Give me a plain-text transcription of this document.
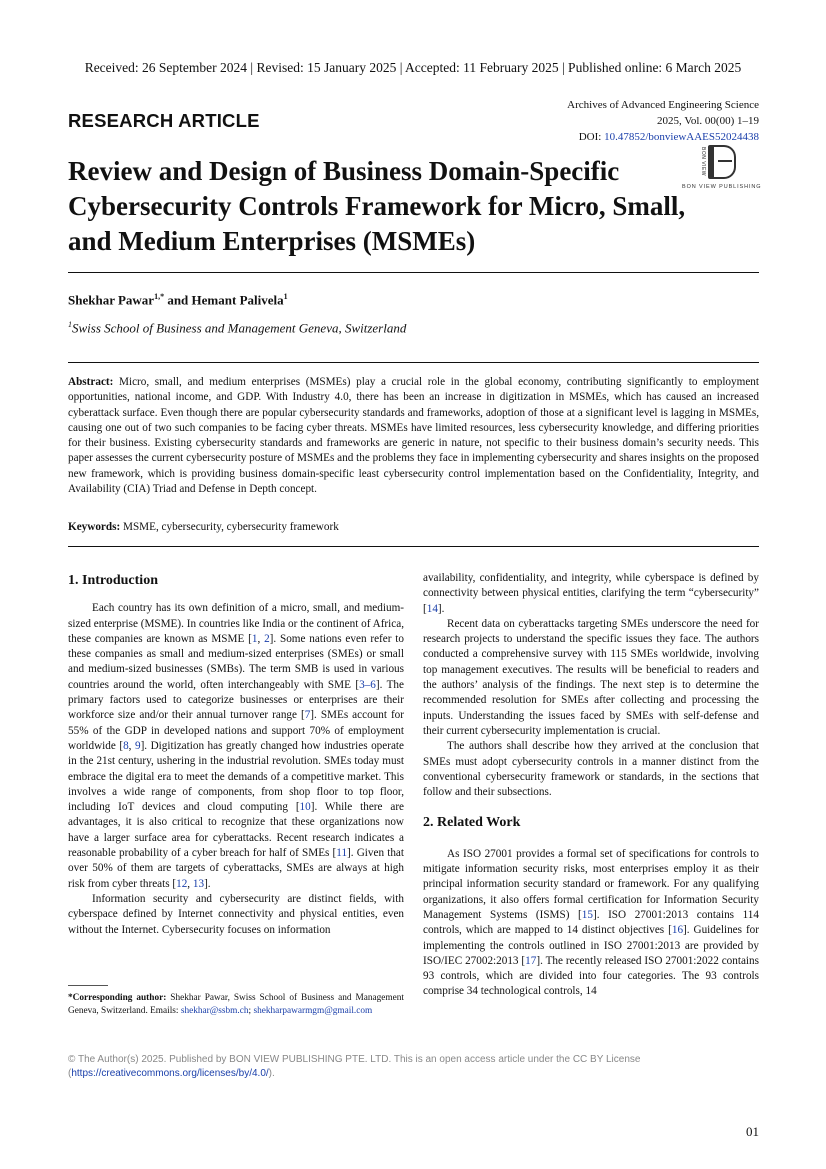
Received: 26 September 2024 | Revised: 15 January 2025 | Accepted: 11 February 2025 | Published online: 6 March 2025
Archives of Advanced Engineering Science
2025, Vol. 00(00) 1–19
DOI: 10.47852/bonviewAAES52024438
RESEARCH ARTICLE
BON VIEW
BON VIEW PUBLISHING
Review and Design of Business Domain-Specific Cybersecurity Controls Framework for Micro, Small, and Medium Enterprises (MSMEs)
Shekhar Pawar$^{1,*}$ and Hemant Palivela$^1$
$^1$Swiss School of Business and Management Geneva, Switzerland

Abstract: Micro, small, and medium enterprises (MSMEs) play a crucial role in the global economy, contributing significantly to employment opportunities, national income, and GDP. With Industry 4.0, there has been an increase in digitization in MSMEs, which has caused an increased cyberattack surface. Even though there are popular cybersecurity standards and frameworks, adoption of those at a significant level is lagging in MSMEs, causing one out of two such companies to be facing cyber threats. MSMEs have limited resources, less cybersecurity knowledge, and differing priorities for their business. Existing cybersecurity standards and frameworks are generic in nature, not specific to their business domain’s security needs. This paper assesses the current cybersecurity posture of MSMEs and the problems they face in implementing cybersecurity and shares insights on the proposed new framework, which is providing business domain-specific least cybersecurity control implementation based on the Confidentiality, Integrity, and Availability (CIA) Triad and Defense in Depth concept.

Keywords: MSME, cybersecurity, cybersecurity framework

1. Introduction

Each country has its own definition of a micro, small, and medium-sized enterprise (MSME). In countries like India or the continent of Africa, these companies are known as MSME [1, 2]. Some nations even refer to these companies as small and medium-sized enterprises (SMEs) or small and medium-sized businesses (SMBs). The term SMB is used in various countries around the world, often interchangeably with SME [3–6]. The primary factors used to categorize businesses or enterprises are their workforce size and/or their annual turnover range [7]. SMEs account for 55% of the GDP in developed nations and support 70% of employment worldwide [8, 9]. Digitization has greatly changed how industries operate in the 21st century, ushering in the industrial revolution. SMEs today must embrace the digital era to meet the demands of a competitive market. This involves a wide range of components, from shop floor to top floor, including IoT devices and cloud computing [10]. While there are advantages, it is also critical to recognize that these organizations now have a larger surface area for cyberattacks. Recent research indicates a reasonable probability of a cyber breach for half of SMEs [11]. Given that over 50% of them are targets of cyberattacks, SMEs are always at high risk from cyber threats [12, 13].

Information security and cybersecurity are distinct fields, with cyberspace defined by Internet connectivity and physical entities, even without the Internet. Cybersecurity focuses on information

*Corresponding author: Shekhar Pawar, Swiss School of Business and Management Geneva, Switzerland. Emails: shekhar@ssbm.ch; shekharpawarmgm@gmail.com

availability, confidentiality, and integrity, while cyberspace is defined by connectivity between physical entities, clarifying the term “cybersecurity” [14].

Recent data on cyberattacks targeting SMEs underscore the need for research projects to understand the specific issues they face. The authors conducted a comprehensive survey with 115 SMEs worldwide, involving top management executives. The results will be beneficial to readers and the authors’ analysis of the findings. The next step is to determine the recommended resolution for SMEs after collecting and processing the inputs. Understanding the issues faced by SMEs with self-defense and their current cybersecurity implementation is crucial.

The authors shall describe how they arrived at the conclusion that SMEs must adopt cybersecurity controls in a manner distinct from the conventional cybersecurity framework or standards, in the sections that follow and their subsections.

2. Related Work

As ISO 27001 provides a formal set of specifications for controls to mitigate information security risks, most enterprises employ it as their principal information security standard or framework. For any qualifying organizations, it also offers formal certification for Information Security Management Systems (ISMS) [15]. ISO 27001:2013 contains 114 controls, which are mapped to 14 distinct objectives [16]. Guidelines for implementing the controls outlined in ISO 27001:2013 are provided by ISO/IEC 27002:2013 [17]. The recently released ISO 27001:2022 contains 93 controls, which are divided into four categories. The 93 controls comprise 34 technological controls, 14

© The Author(s) 2025. Published by BON VIEW PUBLISHING PTE. LTD. This is an open access article under the CC BY License (https://creativecommons.org/licenses/by/4.0/).

01
